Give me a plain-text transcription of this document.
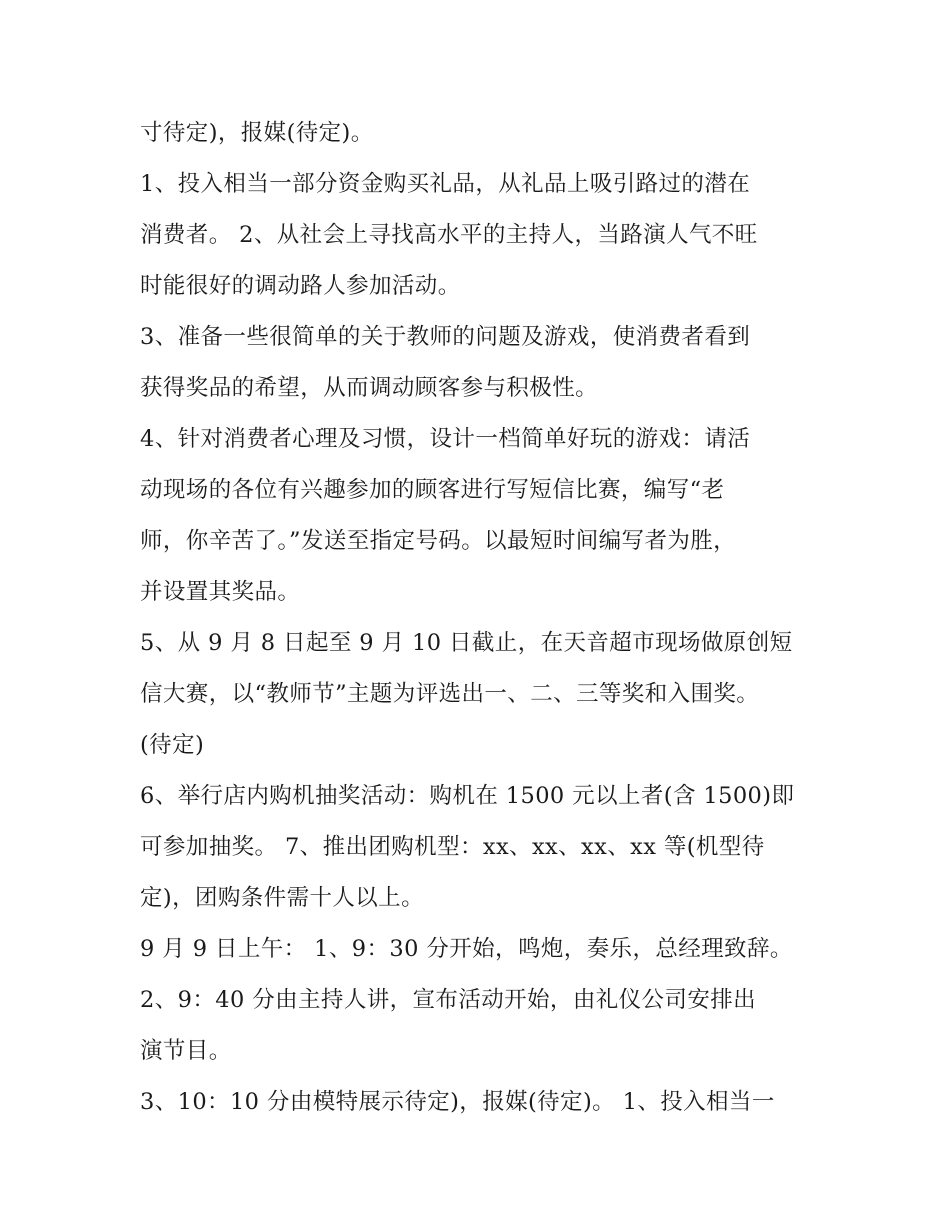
寸待定)，报媒(待定)。
1、投入相当一部分资金购买礼品，从礼品上吸引路过的潜在
消费者。 2、从社会上寻找高水平的主持人，当路演人气不旺
时能很好的调动路人参加活动。
3、准备一些很简单的关于教师的问题及游戏，使消费者看到
获得奖品的希望，从而调动顾客参与积极性。
4、针对消费者心理及习惯，设计一档简单好玩的游戏：请活
动现场的各位有兴趣参加的顾客进行写短信比赛，编写“老
师，你辛苦了。”发送至指定号码。以最短时间编写者为胜，
并设置其奖品。
5、从 9 月 8 日起至 9 月 10 日截止，在天音超市现场做原创短
信大赛，以“教师节”主题为评选出一、二、三等奖和入围奖。
(待定)
6、举行店内购机抽奖活动：购机在 1500 元以上者(含 1500)即
可参加抽奖。 7、推出团购机型：xx、xx、xx、xx 等(机型待
定)，团购条件需十人以上。
9 月 9 日上午： 1、9：30 分开始，鸣炮，奏乐，总经理致辞。
2、9：40 分由主持人讲，宣布活动开始，由礼仪公司安排出
演节目。
3、10：10 分由模特展示待定)，报媒(待定)。 1、投入相当一
